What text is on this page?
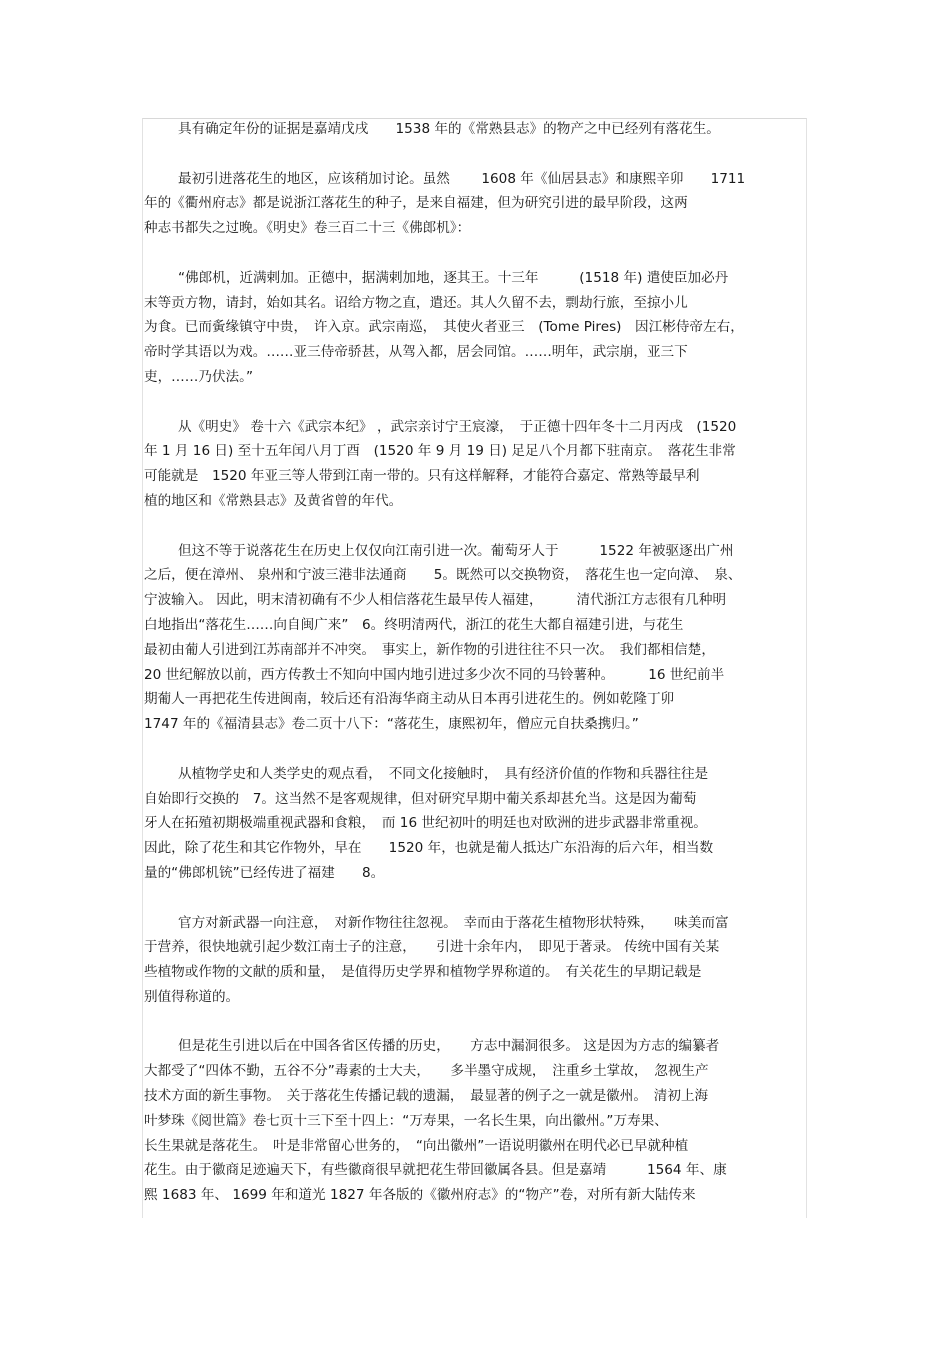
具有确定年份的证据是嘉靖戊戌　　1538 年的《常熟县志》的物产之中已经列有落花生。
最初引进落花生的地区，应该稍加讨论。虽然　　 1608 年《仙居县志》和康熙辛卯　　1711
年的《衢州府志》都是说浙江落花生的种子，是来自福建，但为研究引进的最早阶段，这两
种志书都失之过晚。《明史》卷三百二十三《佛郎机》：
“佛郎机，近满剌加。正德中，据满剌加地，逐其王。十三年　　　(1518 年) 遣使臣加必丹
末等贡方物，请封，始如其名。诏给方物之直，遣还。其人久留不去，剽劫行旅，至掠小儿
为食。已而夤缘镇守中贵，　许入京。武宗南巡，　其使火者亚三　(Tome Pires)　因江彬侍帝左右，
帝时学其语以为戏。……亚三侍帝骄甚，从驾入都，居会同馆。……明年，武宗崩，亚三下
吏，……乃伏法。”
从《明史》 卷十六《武宗本纪》 ，武宗亲讨宁王宸濠，　于正德十四年冬十二月丙戌　(1520
年 1 月 16 日) 至十五年闰八月丁酉　(1520 年 9 月 19 日) 足足八个月都下驻南京。　落花生非常
可能就是　1520 年亚三等人带到江南一带的。只有这样解释，才能符合嘉定、常熟等最早利
植的地区和《常熟县志》及黄省曾的年代。
但这不等于说落花生在历史上仅仅向江南引进一次。葡萄牙人于　　　1522 年被驱逐出广州
之后，便在漳州、 泉州和宁波三港非法通商　　5。既然可以交换物资，　落花生也一定向漳、　泉、
宁波输入。 因此，明末清初确有不少人相信落花生最早传人福建，　　　清代浙江方志很有几种明
白地指出“落花生……向自闽广来”　6。终明清两代，浙江的花生大都自福建引进，与花生
最初由葡人引进到江苏南部并不冲突。　事实上，新作物的引进往往不只一次。　我们都相信楚，
20 世纪解放以前，西方传教士不知向中国内地引进过多少次不同的马铃薯种。　　　16 世纪前半
期葡人一再把花生传进闽南，较后还有沿海华商主动从日本再引进花生的。例如乾隆丁卯
1747 年的《福清县志》卷二页十八下：“落花生，康熙初年，僧应元自扶桑携归。”
从植物学史和人类学史的观点看，　不同文化接触时，　具有经济价值的作物和兵器往往是
自始即行交换的　7。这当然不是客观规律，但对研究早期中葡关系却甚允当。这是因为葡萄
牙人在拓殖初期极端重视武器和食粮，　而 16 世纪初叶的明廷也对欧洲的进步武器非常重视。
因此，除了花生和其它作物外，早在　　1520 年，也就是葡人抵达广东沿海的后六年，相当数
量的“佛郎机铳”已经传进了福建　　8。
官方对新武器一向注意，　对新作物往往忽视。　幸而由于落花生植物形状特殊，　　味美而富
于营养，很快地就引起少数江南士子的注意，　　引进十余年内，　即见于著录。 传统中国有关某
些植物或作物的文献的质和量，　是值得历史学界和植物学界称道的。　有关花生的早期记载是
别值得称道的。
但是花生引进以后在中国各省区传播的历史，　　方志中漏洞很多。 这是因为方志的编纂者
大都受了“四体不勤，五谷不分”毒素的士大夫，　　多半墨守成规，　注重乡土掌故，　忽视生产
技术方面的新生事物。　关于落花生传播记载的遗漏，　最显著的例子之一就是徽州。　清初上海
叶梦珠《阅世篇》卷七页十三下至十四上：“万寿果，一名长生果，向出徽州。”万寿果、
长生果就是落花生。　叶是非常留心世务的，　“向出徽州”一语说明徽州在明代必已早就种植
花生。由于徽商足迹遍天下，有些徽商很早就把花生带回徽属各县。但是嘉靖　　　1564 年、康
熙 1683 年、 1699 年和道光 1827 年各版的《徽州府志》的“物产”卷，对所有新大陆传来
